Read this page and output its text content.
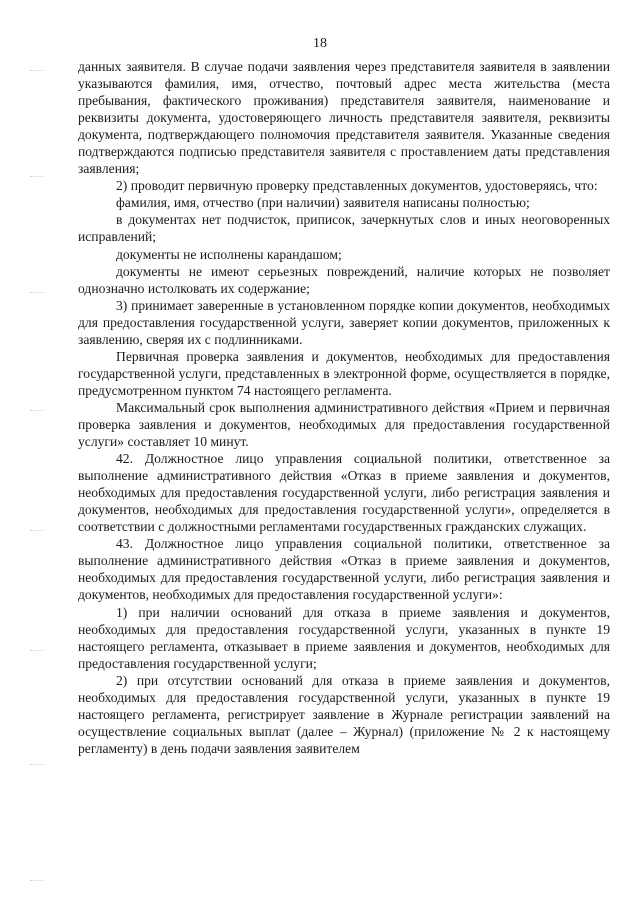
18

данных заявителя. В случае подачи заявления через представителя заявителя в заявлении указываются фамилия, имя, отчество, почтовый адрес места жительства (места пребывания, фактического проживания) представителя заявителя, наименование и реквизиты документа, удостоверяющего личность представителя заявителя, реквизиты документа, подтверждающего полномочия представителя заявителя. Указанные сведения подтверждаются подписью представителя заявителя с проставлением даты представления заявления;

2) проводит первичную проверку представленных документов, удостоверяясь, что:

фамилия, имя, отчество (при наличии) заявителя написаны полностью;

в документах нет подчисток, приписок, зачеркнутых слов и иных неоговоренных исправлений;

документы не исполнены карандашом;

документы не имеют серьезных повреждений, наличие которых не позволяет однозначно истолковать их содержание;

3) принимает заверенные в установленном порядке копии документов, необходимых для предоставления государственной услуги, заверяет копии документов, приложенных к заявлению, сверяя их с подлинниками.

Первичная проверка заявления и документов, необходимых для предоставления государственной услуги, представленных в электронной форме, осуществляется в порядке, предусмотренном пунктом 74 настоящего регламента.

Максимальный срок выполнения административного действия «Прием и первичная проверка заявления и документов, необходимых для предоставления государственной услуги» составляет 10 минут.

42. Должностное лицо управления социальной политики, ответственное за выполнение административного действия «Отказ в приеме заявления и документов, необходимых для предоставления государственной услуги, либо регистрация заявления и документов, необходимых для предоставления государственной услуги», определяется в соответствии с должностными регламентами государственных гражданских служащих.

43. Должностное лицо управления социальной политики, ответственное за выполнение административного действия «Отказ в приеме заявления и документов, необходимых для предоставления государственной услуги, либо регистрация заявления и документов, необходимых для предоставления государственной услуги»:

1) при наличии оснований для отказа в приеме заявления и документов, необходимых для предоставления государственной услуги, указанных в пункте 19 настоящего регламента, отказывает в приеме заявления и документов, необходимых для предоставления государственной услуги;

2) при отсутствии оснований для отказа в приеме заявления и документов, необходимых для предоставления государственной услуги, указанных в пункте 19 настоящего регламента, регистрирует заявление в Журнале регистрации заявлений на осуществление социальных выплат (далее – Журнал) (приложение № 2 к настоящему регламенту) в день подачи заявления заявителем
